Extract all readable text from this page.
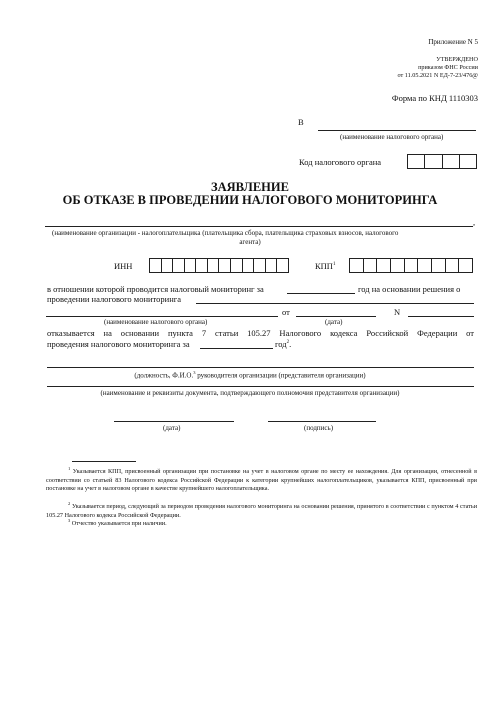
Приложение N 5
УТВЕРЖДЕНО
приказом ФНС России
от 11.05.2021 N ЕД-7-23/476@
Форма по КНД 1110303
В
(наименование налогового органа)
Код налогового органа
ЗАЯВЛЕНИЕ
ОБ ОТКАЗЕ В ПРОВЕДЕНИИ НАЛОГОВОГО МОНИТОРИНГА
,
(наименование организации - налогоплательщика (плательщика сбора, плательщика страховых взносов, налогового
агента)
ИНН	КПП$^1$
в отношении которой проводится налоговый мониторинг за	год на основании решения о
проведении налогового мониторинга
от	N
(наименование налогового органа)	(дата)
отказывается на основании пункта 7 статьи 105.27 Налогового кодекса Российской Федерации от
проведения налогового мониторинга за	год$^2$.
(должность, Ф.И.О.$^3$ руководителя организации (представителя организации)
(наименование и реквизиты документа, подтверждающего полномочия представителя организации)
(дата)	(подпись)
$^1$ Указывается КПП, присвоенный организации при постановке на учет в налоговом органе по месту ее нахождения. Для организации, отнесенной в соответствии со статьей 83 Налогового кодекса Российской Федерации к категории крупнейших налогоплательщиков, указывается КПП, присвоенный при постановке на учет в налоговом органе в качестве крупнейшего налогоплательщика.
$^2$ Указывается период, следующий за периодом проведения налогового мониторинга на основании решения, принятого в соответствии с пунктом 4 статьи 105.27 Налогового кодекса Российской Федерации.
$^3$ Отчество указывается при наличии.
